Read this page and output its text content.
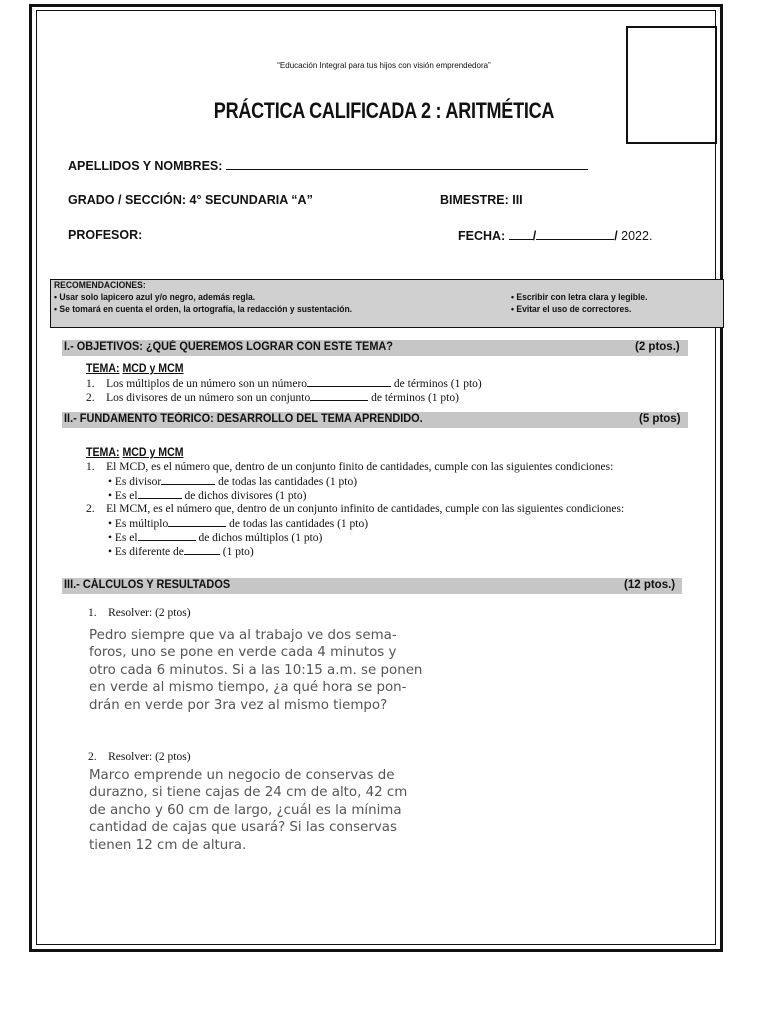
“Educación Integral para tus hijos con visión emprendedora”
PRÁCTICA CALIFICADA 2 : ARITMÉTICA
APELLIDOS Y NOMBRES:
GRADO / SECCIÓN: 4° SECUNDARIA “A”	BIMESTRE: III
PROFESOR:	FECHA: /	/ 2022.
RECOMENDACIONES:
• Usar solo lapicero azul y/o negro, además regla.
• Se tomará en cuenta el orden, la ortografía, la redacción y sustentación.
• Escribir con letra clara y legible.
• Evitar el uso de correctores.
I.- OBJETIVOS: ¿QUÉ QUEREMOS LOGRAR CON ESTE TEMA?	(2 ptos.)
TEMA: MCD y MCM
1. Los múltiplos de un número son un número	de términos (1 pto)
2. Los divisores de un número son un conjunto	de términos (1 pto)
II.- FUNDAMENTO TEÓRICO: DESARROLLO DEL TEMA APRENDIDO.	(5 ptos)
TEMA: MCD y MCM
1. El MCD, es el número que, dentro de un conjunto finito de cantidades, cumple con las siguientes condiciones:
• Es divisor	de todas las cantidades (1 pto)
• Es el	de dichos divisores (1 pto)
2. El MCM, es el número que, dentro de un conjunto infinito de cantidades, cumple con las siguientes condiciones:
• Es múltiplo	de todas las cantidades (1 pto)
• Es el	de dichos múltiplos (1 pto)
• Es diferente de	(1 pto)
III.- CÁLCULOS Y RESULTADOS	(12 ptos.)
1. Resolver: (2 ptos)
Pedro siempre que va al trabajo ve dos sema-
foros, uno se pone en verde cada 4 minutos y
otro cada 6 minutos. Si a las 10:15 a.m. se ponen
en verde al mismo tiempo, ¿a qué hora se pon-
drán en verde por 3ra vez al mismo tiempo?
2. Resolver: (2 ptos)
Marco emprende un negocio de conservas de
durazno, si tiene cajas de 24 cm de alto, 42 cm
de ancho y 60 cm de largo, ¿cuál es la mínima
cantidad de cajas que usará? Si las conservas
tienen 12 cm de altura.
